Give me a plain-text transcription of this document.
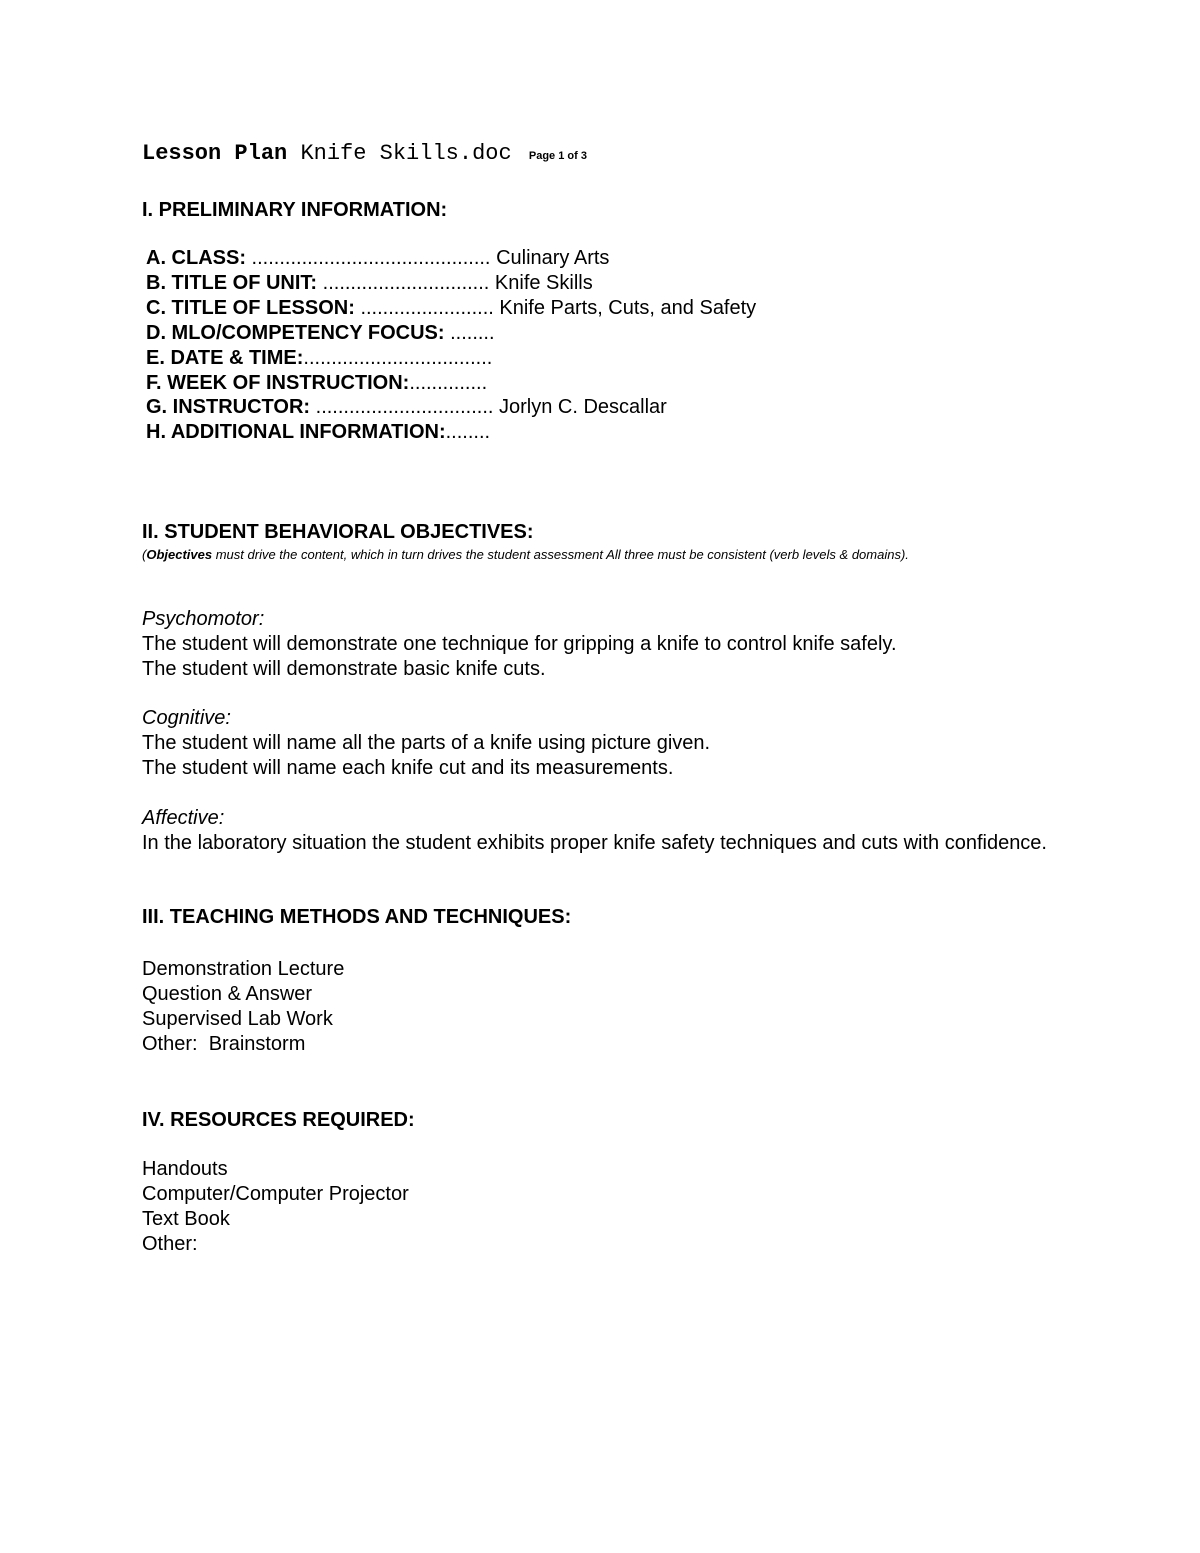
Lesson Plan Knife Skills.doc Page 1 of 3
I. PRELIMINARY INFORMATION:
A. CLASS: ........................................... Culinary Arts
B. TITLE OF UNIT: .............................. Knife Skills
C. TITLE OF LESSON: ........................ Knife Parts, Cuts, and Safety
D. MLO/COMPETENCY FOCUS: ........
E. DATE & TIME:..................................
F. WEEK OF INSTRUCTION:..............
G. INSTRUCTOR: ................................ Jorlyn C. Descallar
H. ADDITIONAL INFORMATION:........
II. STUDENT BEHAVIORAL OBJECTIVES:
(Objectives must drive the content, which in turn drives the student assessment All three must be consistent (verb levels & domains).
Psychomotor:
The student will demonstrate one technique for gripping a knife to control knife safely.
The student will demonstrate basic knife cuts.
Cognitive:
The student will name all the parts of a knife using picture given.
The student will name each knife cut and its measurements.
Affective:
In the laboratory situation the student exhibits proper knife safety techniques and cuts with confidence.
III. TEACHING METHODS AND TECHNIQUES:
Demonstration Lecture
Question & Answer
Supervised Lab Work
Other:  Brainstorm
IV. RESOURCES REQUIRED:
Handouts
Computer/Computer Projector
Text Book
Other:
